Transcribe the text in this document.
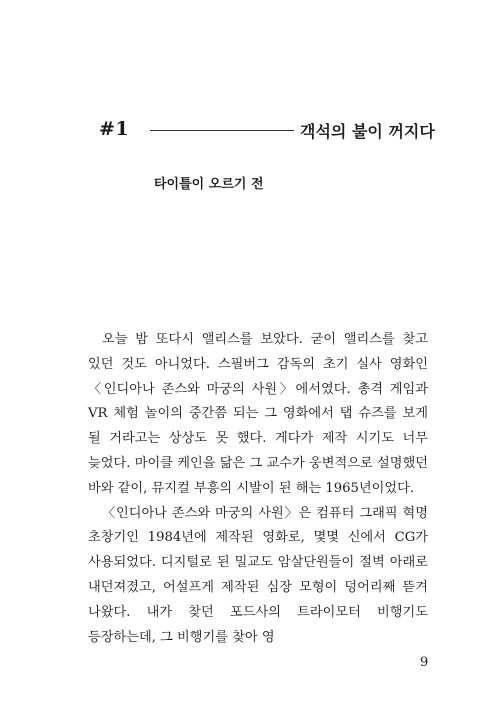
#1	객석의 불이 꺼지다
타이틀이 오르기 전

오늘 밤 또다시 앨리스를 보았다. 굳이 앨리스를 찾고 있던 것도 아니었다. 스필버그 감독의 초기 실사 영화인 〈인디아나 존스와 마궁의 사원〉에서였다. 총격 게임과 VR 체험 놀이의 중간쯤 되는 그 영화에서 탭 슈즈를 보게 될 거라고는 상상도 못 했다. 게다가 제작 시기도 너무 늦었다. 마이클 케인을 닮은 그 교수가 웅변적으로 설명했던 바와 같이, 뮤지컬 부흥의 시발이 된 해는 1965년이었다.

〈인디아나 존스와 마궁의 사원〉은 컴퓨터 그래픽 혁명 초창기인 1984년에 제작된 영화로, 몇몇 신에서 CG가 사용되었다. 디지털로 된 밀교도 암살단원들이 절벽 아래로 내던져졌고, 어설프게 제작된 심장 모형이 덩어리째 뜯겨 나왔다. 내가 찾던 포드사의 트라이모터 비행기도 등장하는데, 그 비행기를 찾아 영

9
